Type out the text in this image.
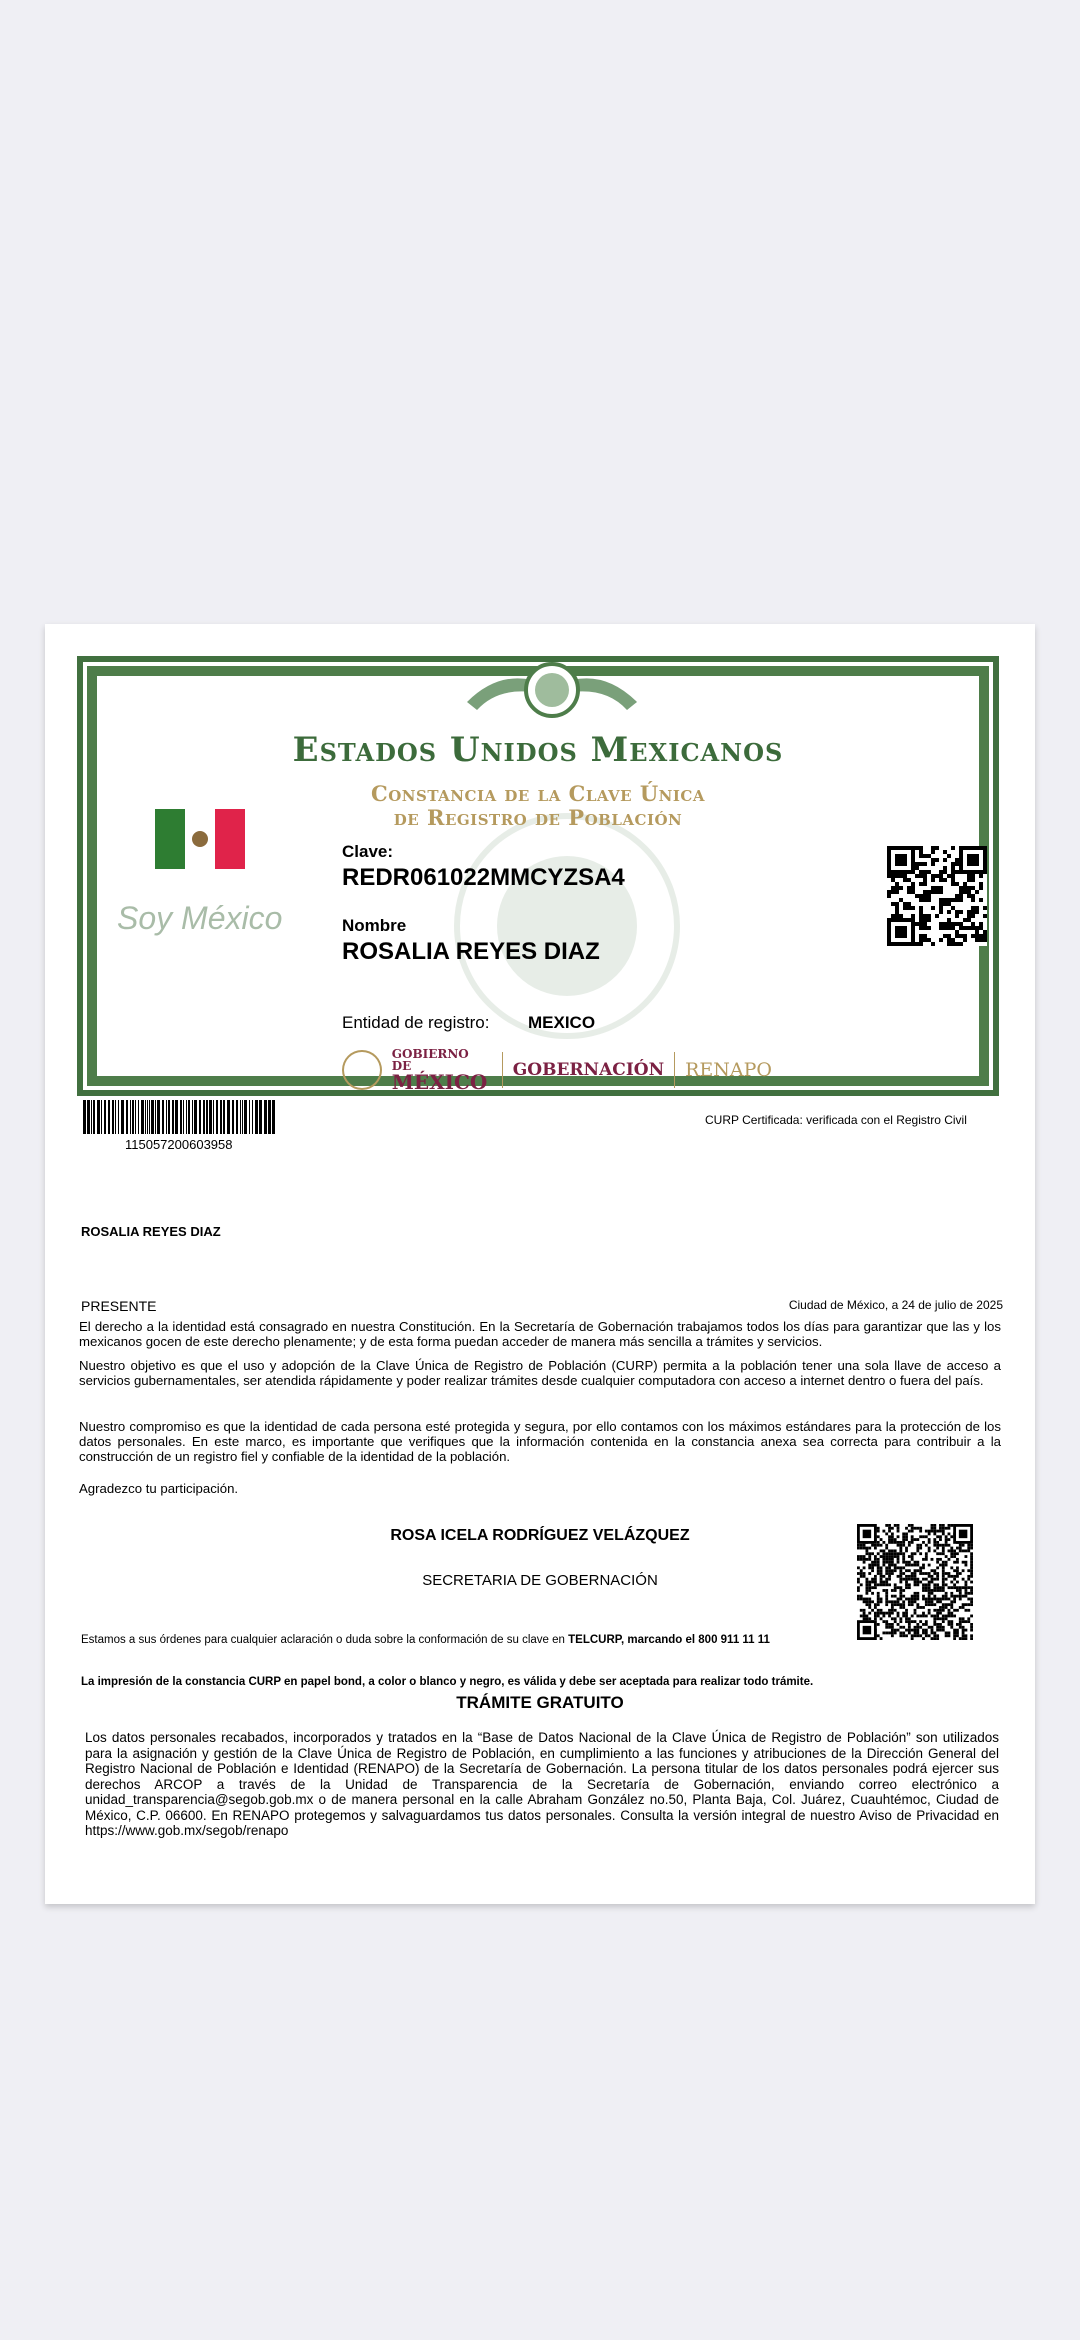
Estados Unidos Mexicanos
Constancia de la Clave Única
de Registro de Población
Soy México
Clave:
REDR061022MMCYZSA4
Nombre
ROSALIA REYES DIAZ
Entidad de registro: MEXICO
GOBIERNO DE
MÉXICO GOBERNACIÓN RENAPO
115057200603958
CURP Certificada: verificada con el Registro Civil
ROSALIA REYES DIAZ
PRESENTE	Ciudad de México, a 24 de julio de 2025
El derecho a la identidad está consagrado en nuestra Constitución. En la Secretaría de Gobernación trabajamos todos los días para garantizar que las y los mexicanos gocen de este derecho plenamente; y de esta forma puedan acceder de manera más sencilla a trámites y servicios.
Nuestro objetivo es que el uso y adopción de la Clave Única de Registro de Población (CURP) permita a la población tener una sola llave de acceso a servicios gubernamentales, ser atendida rápidamente y poder realizar trámites desde cualquier computadora con acceso a internet dentro o fuera del país.
Nuestro compromiso es que la identidad de cada persona esté protegida y segura, por ello contamos con los máximos estándares para la protección de los datos personales. En este marco, es importante que verifiques que la información contenida en la constancia anexa sea correcta para contribuir a la construcción de un registro fiel y confiable de la identidad de la población.
Agradezco tu participación.
ROSA ICELA RODRÍGUEZ VELÁZQUEZ
SECRETARIA DE GOBERNACIÓN
Estamos a sus órdenes para cualquier aclaración o duda sobre la conformación de su clave en TELCURP, marcando el 800 911 11 11
La impresión de la constancia CURP en papel bond, a color o blanco y negro, es válida y debe ser aceptada para realizar todo trámite.
TRÁMITE GRATUITO
Los datos personales recabados, incorporados y tratados en la “Base de Datos Nacional de la Clave Única de Registro de Población” son utilizados para la asignación y gestión de la Clave Única de Registro de Población, en cumplimiento a las funciones y atribuciones de la Dirección General del Registro Nacional de Población e Identidad (RENAPO) de la Secretaría de Gobernación. La persona titular de los datos personales podrá ejercer sus derechos ARCOP a través de la Unidad de Transparencia de la Secretaría de Gobernación, enviando correo electrónico a unidad_transparencia@segob.gob.mx o de manera personal en la calle Abraham González no.50, Planta Baja, Col. Juárez, Cuauhtémoc, Ciudad de México, C.P. 06600. En RENAPO protegemos y salvaguardamos tus datos personales. Consulta la versión integral de nuestro Aviso de Privacidad en https://www.gob.mx/segob/renapo
